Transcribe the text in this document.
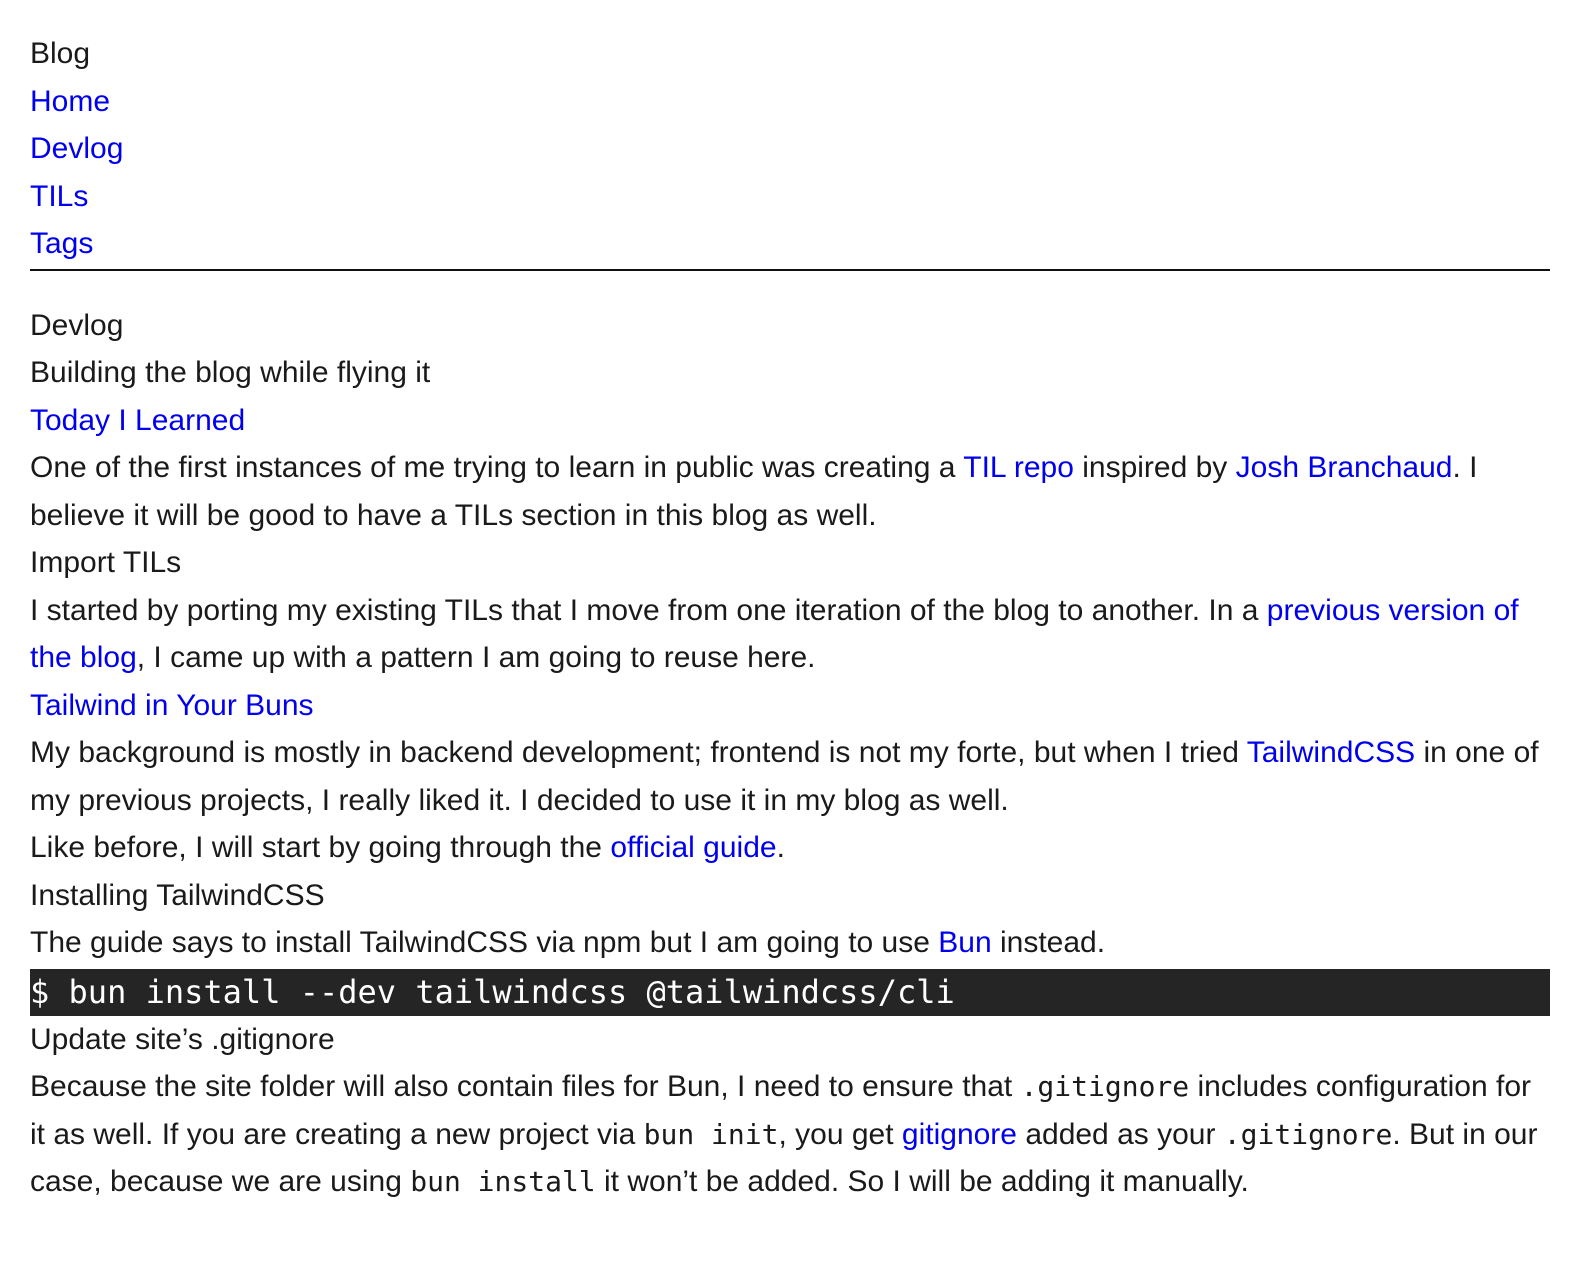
Blog
Home
Devlog
TILs
Tags
Devlog
Building the blog while flying it
Today I Learned
One of the first instances of me trying to learn in public was creating a TIL repo inspired by Josh Branchaud. I believe it will be good to have a TILs section in this blog as well.
Import TILs
I started by porting my existing TILs that I move from one iteration of the blog to another. In a previous version of the blog, I came up with a pattern I am going to reuse here.
Tailwind in Your Buns
My background is mostly in backend development; frontend is not my forte, but when I tried TailwindCSS in one of my previous projects, I really liked it. I decided to use it in my blog as well.
Like before, I will start by going through the official guide.
Installing TailwindCSS
The guide says to install TailwindCSS via npm but I am going to use Bun instead.
$ bun install --dev tailwindcss @tailwindcss/cli
Update site’s .gitignore
Because the site folder will also contain files for Bun, I need to ensure that .gitignore includes configuration for it as well. If you are creating a new project via bun init, you get gitignore added as your .gitignore. But in our case, because we are using bun install it won’t be added. So I will be adding it manually.
